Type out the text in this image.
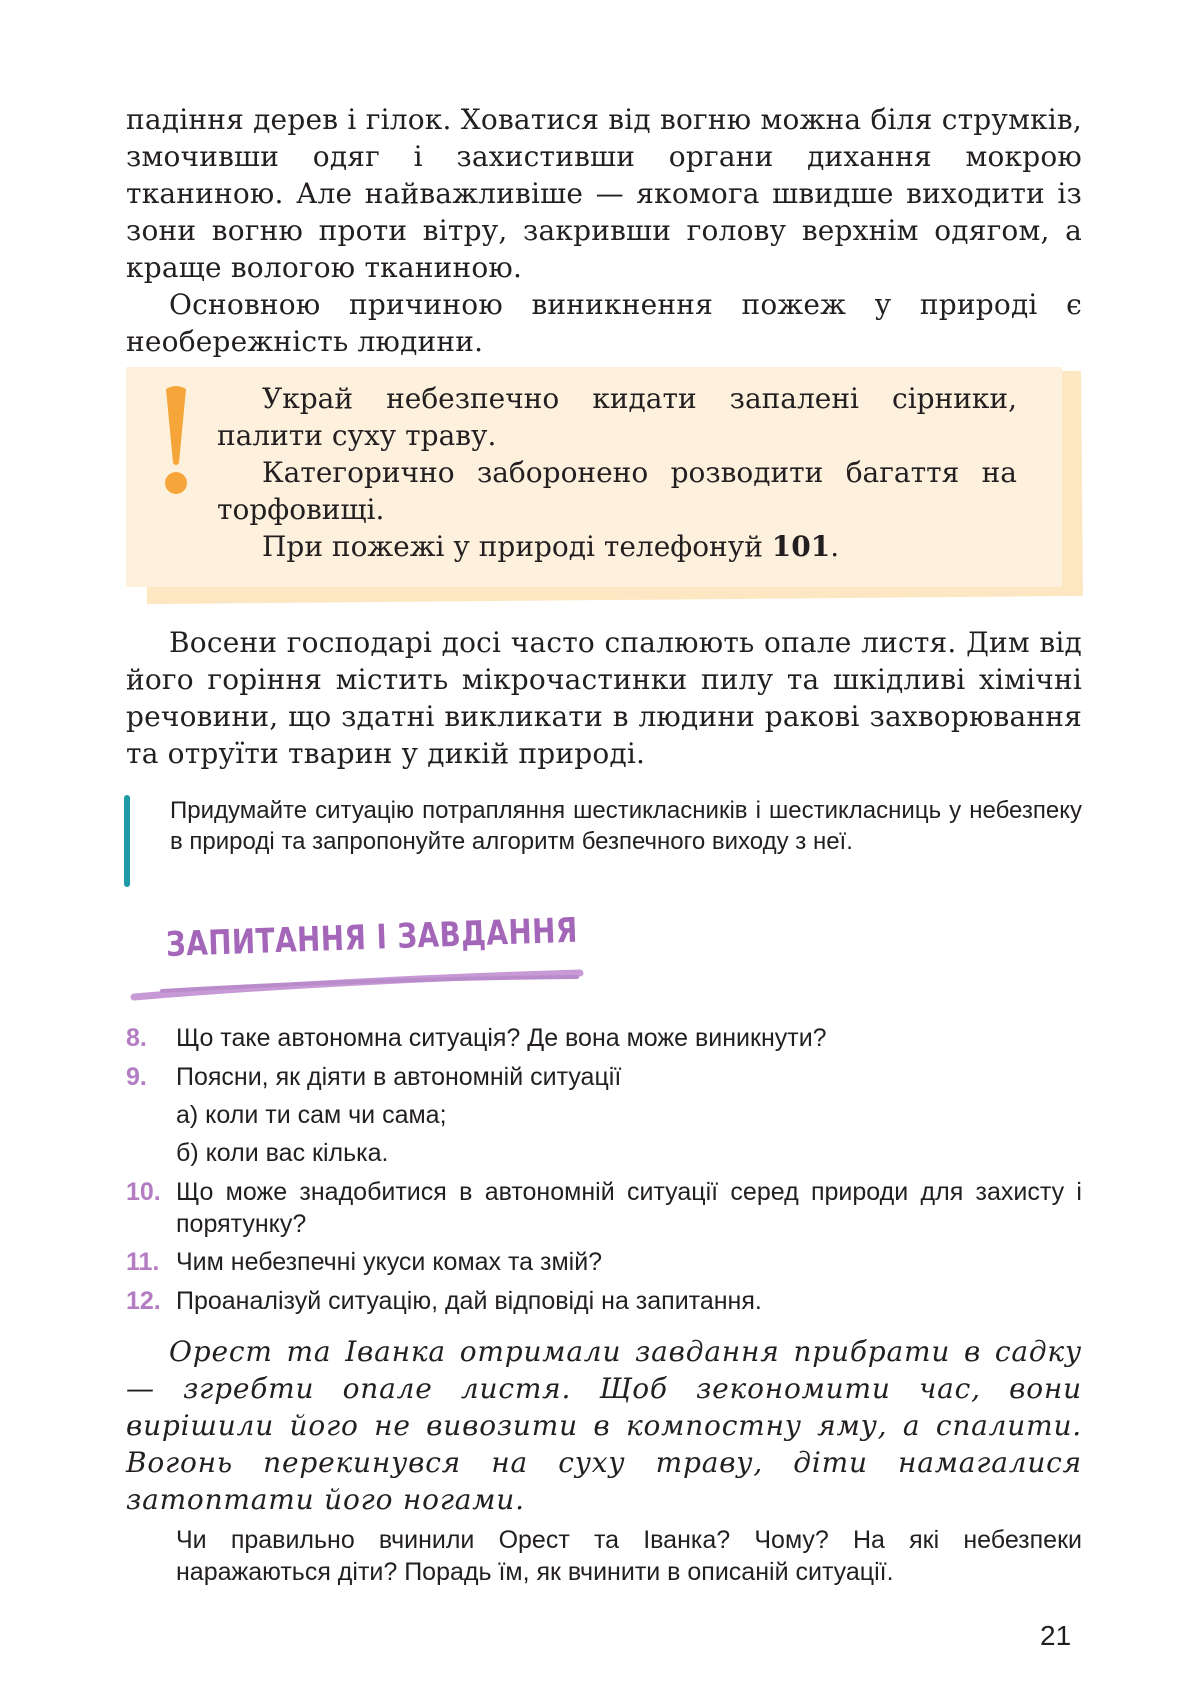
падіння дерев і гілок. Ховатися від вогню можна біля струмків, змочивши одяг і захистивши органи дихання мокрою тканиною. Але найважливіше — якомога швидше виходити із зони вогню проти вітру, закривши голову верхнім одягом, а краще вологою тканиною.
Основною причиною виникнення пожеж у природі є необережність людини.
Украй небезпечно кидати запалені сірники, палити суху траву.
Категорично заборонено розводити багаття на торфовищі.
При пожежі у природі телефонуй 101.
Восени господарі досі часто спалюють опале листя. Дим від його горіння містить мікрочастинки пилу та шкідливі хімічні речовини, що здатні викликати в людини ракові захворювання та отруїти тварин у дикій природі.
Придумайте ситуацію потрапляння шестикласників і шестикласниць у небезпеку в природі та запропонуйте алгоритм безпечного виходу з неї.
ЗАПИТАННЯ І ЗАВДАННЯ
8. Що таке автономна ситуація? Де вона може виникнути?
9. Поясни, як діяти в автономній ситуації
а) коли ти сам чи сама;
б) коли вас кілька.
10. Що може знадобитися в автономній ситуації серед природи для захисту і порятунку?
11. Чим небезпечні укуси комах та змій?
12. Проаналізуй ситуацію, дай відповіді на запитання.
Орест та Іванка отримали завдання прибрати в садку — згребти опале листя. Щоб зекономити час, вони вирішили його не вивозити в компостну яму, а спалити. Вогонь перекинувся на суху траву, діти намагалися затоптати його ногами.
Чи правильно вчинили Орест та Іванка? Чому? На які небезпеки наражаються діти? Порадь їм, як вчинити в описаній ситуації.
21
